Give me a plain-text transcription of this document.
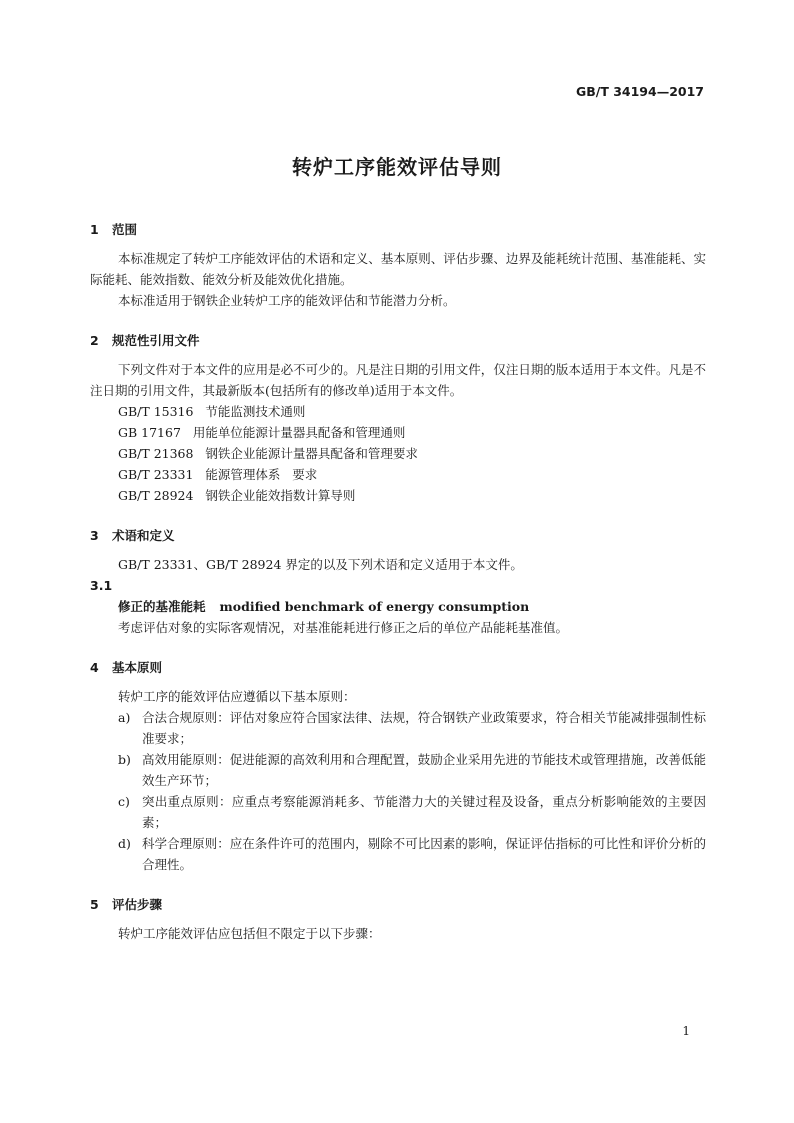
GB/T 34194—2017
转炉工序能效评估导则
1 范围
本标准规定了转炉工序能效评估的术语和定义、基本原则、评估步骤、边界及能耗统计范围、基准能耗、实际能耗、能效指数、能效分析及能效优化措施。
本标准适用于钢铁企业转炉工序的能效评估和节能潜力分析。
2 规范性引用文件
下列文件对于本文件的应用是必不可少的。凡是注日期的引用文件，仅注日期的版本适用于本文件。凡是不注日期的引用文件，其最新版本(包括所有的修改单)适用于本文件。
GB/T 15316   节能监测技术通则
GB 17167   用能单位能源计量器具配备和管理通则
GB/T 21368   钢铁企业能源计量器具配备和管理要求
GB/T 23331   能源管理体系   要求
GB/T 28924   钢铁企业能效指数计算导则
3 术语和定义
GB/T 23331、GB/T 28924 界定的以及下列术语和定义适用于本文件。
3.1
修正的基准能耗 modified benchmark of energy consumption
考虑评估对象的实际客观情况，对基准能耗进行修正之后的单位产品能耗基准值。
4 基本原则
转炉工序的能效评估应遵循以下基本原则：
a) 合法合规原则：评估对象应符合国家法律、法规，符合钢铁产业政策要求，符合相关节能减排强制性标准要求；
b) 高效用能原则：促进能源的高效利用和合理配置，鼓励企业采用先进的节能技术或管理措施，改善低能效生产环节；
c) 突出重点原则：应重点考察能源消耗多、节能潜力大的关键过程及设备，重点分析影响能效的主要因素；
d) 科学合理原则：应在条件许可的范围内，剔除不可比因素的影响，保证评估指标的可比性和评价分析的合理性。
5 评估步骤
转炉工序能效评估应包括但不限定于以下步骤：
1
